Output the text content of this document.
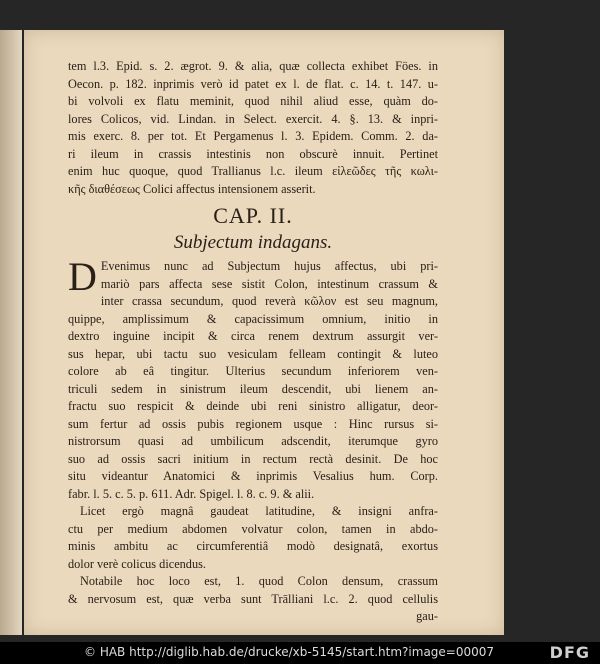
tem l.3. Epid. s. 2. ægrot. 9. & alia, quæ collecta exhibet Föes. in
Oecon. p. 182. inprimis verò id patet ex l. de flat. c. 14. t. 147. u-
bi volvoli ex flatu meminit, quod nihil aliud esse, quàm do-
lores Colicos, vid. Lindan. in Select. exercit. 4. §. 13. & inpri-
mis exerc. 8. per tot. Et Pergamenus l. 3. Epidem. Comm. 2. da-
ri ileum in crassis intestinis non obscurè innuit. Pertinet
enim huc quoque, quod Trallianus l.c. ileum εἰλεῶδες τῆς κωλι-
κῆς διαθέσεως Colici affectus intensionem asserit.
CAP. II.
Subjectum indagans.
D Evenimus nunc ad Subjectum hujus affectus, ubi pri-
mariò pars affecta sese sistit Colon, intestinum crassum &
inter crassa secundum, quod reverà κῶλον est seu magnum,
quippe, amplissimum & capacissimum omnium, initio in
dextro inguine incipit & circa renem dextrum assurgit ver-
sus hepar, ubi tactu suo vesiculam felleam contingit & luteo
colore ab eâ tingitur. Ulterius secundum inferiorem ven-
triculi sedem in sinistrum ileum descendit, ubi lienem an-
fractu suo respicit & deinde ubi reni sinistro alligatur, deor-
sum fertur ad ossis pubis regionem usque : Hinc rursus si-
nistrorsum quasi ad umbilicum adscendit, iterumque gyro
suo ad ossis sacri initium in rectum rectà desinit. De hoc
situ videantur Anatomici & inprimis Vesalius hum. Corp.
fabr. l. 5. c. 5. p. 611. Adr. Spigel. l. 8. c. 9. & alii.
Licet ergò magnâ gaudeat latitudine, & insigni anfra-
ctu per medium abdomen volvatur colon, tamen in abdo-
minis ambitu ac circumferentiâ modò designatâ, exortus
dolor verè colicus dicendus.
Notabile hoc loco est, 1. quod Colon densum, crassum
& nervosum est, quæ verba sunt Trālliani l.c. 2. quod cellulis
gau-
© HAB http://diglib.hab.de/drucke/xb-5145/start.htm?image=00007	DFG
